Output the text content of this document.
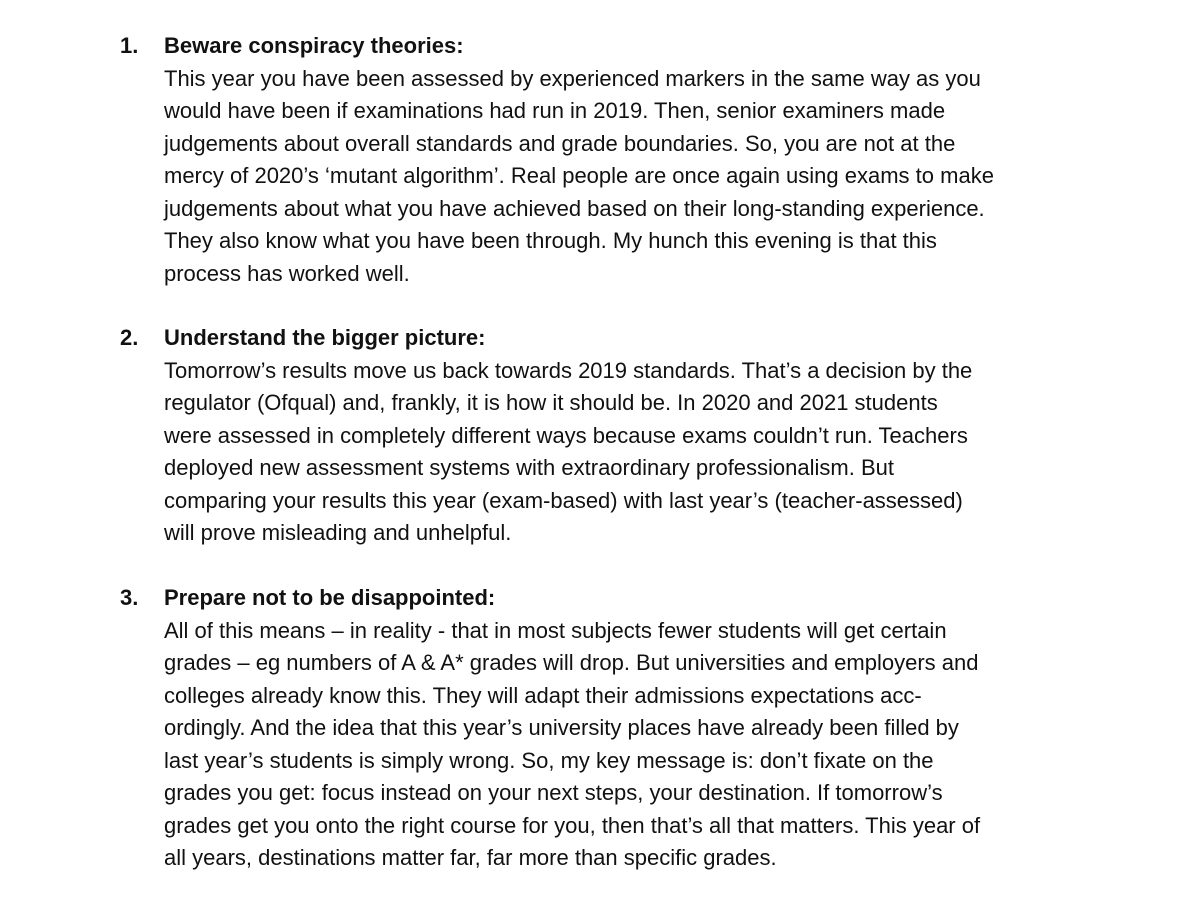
1. Beware conspiracy theories:
This year you have been assessed by experienced markers in the same way as you
would have been if examinations had run in 2019. Then, senior examiners made
judgements about overall standards and grade boundaries. So, you are not at the
mercy of 2020’s ‘mutant algorithm’. Real people are once again using exams to make
judgements about what you have achieved based on their long-standing experience.
They also know what you have been through. My hunch this evening is that this
process has worked well.
2. Understand the bigger picture:
Tomorrow’s results move us back towards 2019 standards. That’s a decision by the
regulator (Ofqual) and, frankly, it is how it should be. In 2020 and 2021 students
were assessed in completely different ways because exams couldn’t run. Teachers
deployed new assessment systems with extraordinary professionalism. But
comparing your results this year (exam-based) with last year’s (teacher-assessed)
will prove misleading and unhelpful.
3. Prepare not to be disappointed:
All of this means – in reality - that in most subjects fewer students will get certain
grades – eg numbers of A & A* grades will drop. But universities and employers and
colleges already know this. They will adapt their admissions expectations acc-
ordingly. And the idea that this year’s university places have already been filled by
last year’s students is simply wrong. So, my key message is: don’t fixate on the
grades you get: focus instead on your next steps, your destination. If tomorrow’s
grades get you onto the right course for you, then that’s all that matters. This year of
all years, destinations matter far, far more than specific grades.
